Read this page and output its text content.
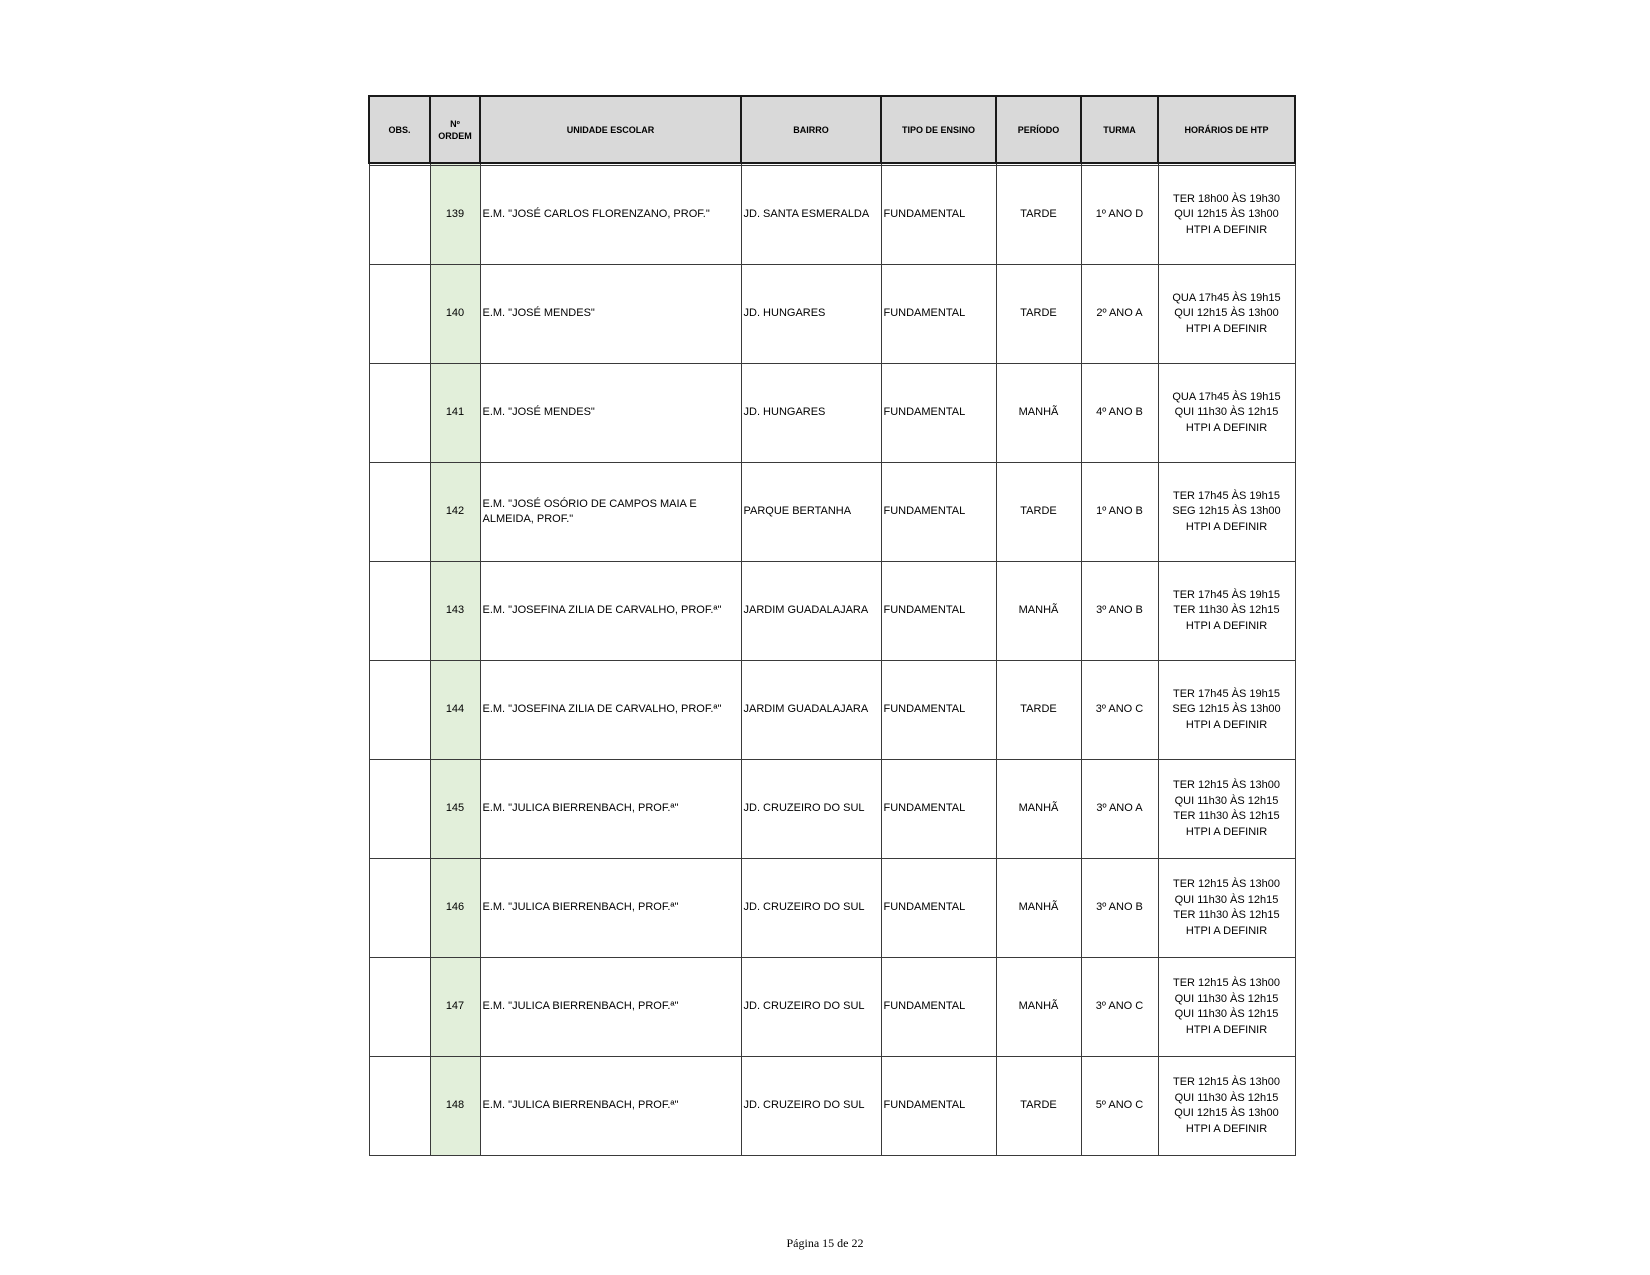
OBS.	Nº
ORDEM	UNIDADE ESCOLAR	BAIRRO	TIPO DE ENSINO	PERÍODO	TURMA	HORÁRIOS DE HTP

	139	E.M. "JOSÉ CARLOS FLORENZANO, PROF."	JD. SANTA ESMERALDA	FUNDAMENTAL	TARDE	1º ANO D	TER 18h00 ÀS 19h30
QUI 12h15 ÀS 13h00
HTPI A DEFINIR

	140	E.M. "JOSÉ MENDES"	JD. HUNGARES	FUNDAMENTAL	TARDE	2º ANO A	QUA 17h45 ÀS 19h15
QUI 12h15 ÀS 13h00
HTPI A DEFINIR

	141	E.M. "JOSÉ MENDES"	JD. HUNGARES	FUNDAMENTAL	MANHÃ	4º ANO B	QUA 17h45 ÀS 19h15
QUI 11h30 ÀS 12h15
HTPI A DEFINIR

	142	E.M. "JOSÉ OSÓRIO DE CAMPOS MAIA E ALMEIDA, PROF."	PARQUE BERTANHA	FUNDAMENTAL	TARDE	1º ANO B	TER 17h45 ÀS 19h15
SEG 12h15 ÀS 13h00
HTPI A DEFINIR

	143	E.M. "JOSEFINA ZILIA DE CARVALHO, PROF.ª"	JARDIM GUADALAJARA	FUNDAMENTAL	MANHÃ	3º ANO B	TER 17h45 ÀS 19h15
TER 11h30 ÀS 12h15
HTPI A DEFINIR

	144	E.M. "JOSEFINA ZILIA DE CARVALHO, PROF.ª"	JARDIM GUADALAJARA	FUNDAMENTAL	TARDE	3º ANO C	TER 17h45 ÀS 19h15
SEG 12h15 ÀS 13h00
HTPI A DEFINIR

	145	E.M. "JULICA BIERRENBACH, PROF.ª"	JD. CRUZEIRO DO SUL	FUNDAMENTAL	MANHÃ	3º ANO A	TER 12h15 ÀS 13h00
QUI 11h30 ÀS 12h15
TER 11h30 ÀS 12h15
HTPI A DEFINIR

	146	E.M. "JULICA BIERRENBACH, PROF.ª"	JD. CRUZEIRO DO SUL	FUNDAMENTAL	MANHÃ	3º ANO B	TER 12h15 ÀS 13h00
QUI 11h30 ÀS 12h15
TER 11h30 ÀS 12h15
HTPI A DEFINIR

	147	E.M. "JULICA BIERRENBACH, PROF.ª"	JD. CRUZEIRO DO SUL	FUNDAMENTAL	MANHÃ	3º ANO C	TER 12h15 ÀS 13h00
QUI 11h30 ÀS 12h15
QUI 11h30 ÀS 12h15
HTPI A DEFINIR

	148	E.M. "JULICA BIERRENBACH, PROF.ª"	JD. CRUZEIRO DO SUL	FUNDAMENTAL	TARDE	5º ANO C	TER 12h15 ÀS 13h00
QUI 11h30 ÀS 12h15
QUI 12h15 ÀS 13h00
HTPI A DEFINIR
Página 15 de 22
